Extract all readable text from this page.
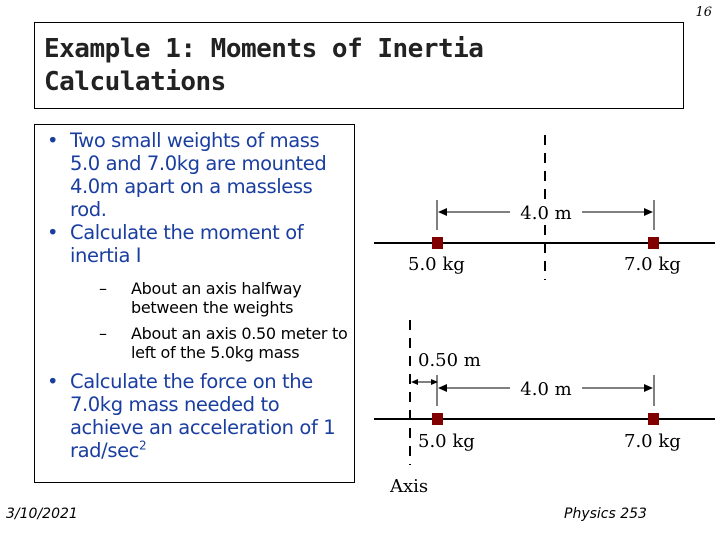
16
Example 1: Moments of Inertia
Calculations
• Two small weights of mass 5.0 and 7.0kg are mounted 4.0m apart on a massless rod.
• Calculate the moment of inertia I
– About an axis halfway between the weights
– About an axis 0.50 meter to left of the 5.0kg mass
• Calculate the force on the 7.0kg mass needed to achieve an acceleration of 1 rad/$\sec^2$
4.0 m
5.0 kg	7.0 kg
0.50 m
4.0 m
5.0 kg	7.0 kg
Axis
3/10/2021	Physics 253
